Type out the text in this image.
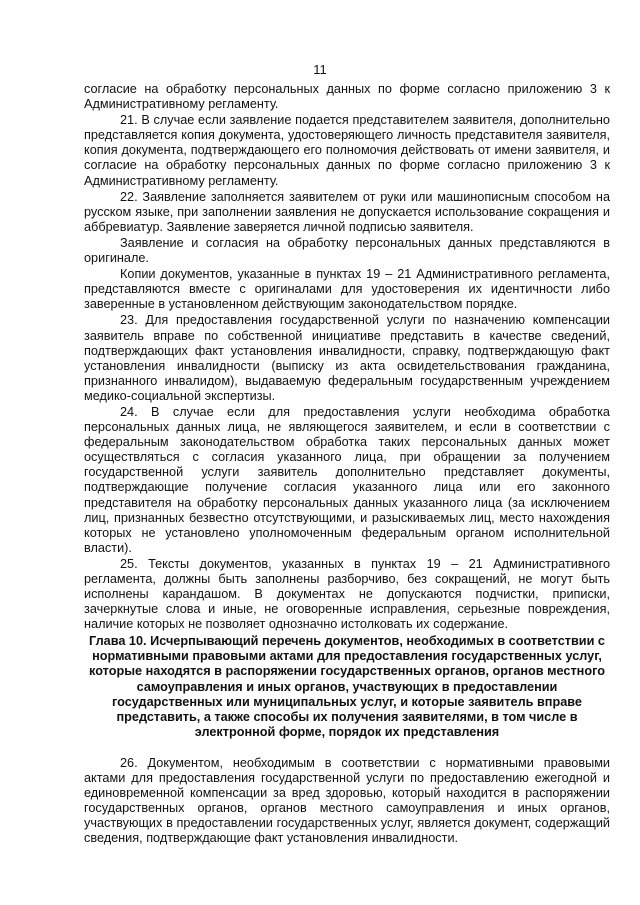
11

согласие на обработку персональных данных по форме согласно приложению 3 к Административному регламенту.

21. В случае если заявление подается представителем заявителя, дополнительно представляется копия документа, удостоверяющего личность представителя заявителя, копия документа, подтверждающего его полномочия действовать от имени заявителя, и согласие на обработку персональных данных по форме согласно приложению 3 к Административному регламенту.

22. Заявление заполняется заявителем от руки или машинописным способом на русском языке, при заполнении заявления не допускается использование сокращения и аббревиатур. Заявление заверяется личной подписью заявителя.

Заявление и согласия на обработку персональных данных представляются в оригинале.

Копии документов, указанные в пунктах 19 – 21 Административного регламента, представляются вместе с оригиналами для удостоверения их идентичности либо заверенные в установленном действующим законодательством порядке.

23. Для предоставления государственной услуги по назначению компенсации заявитель вправе по собственной инициативе представить в качестве сведений, подтверждающих факт установления инвалидности, справку, подтверждающую факт установления инвалидности (выписку из акта освидетельствования гражданина, признанного инвалидом), выдаваемую федеральным государственным учреждением медико-социальной экспертизы.

24. В случае если для предоставления услуги необходима обработка персональных данных лица, не являющегося заявителем, и если в соответствии с федеральным законодательством обработка таких персональных данных может осуществляться с согласия указанного лица, при обращении за получением государственной услуги заявитель дополнительно представляет документы, подтверждающие получение согласия указанного лица или его законного представителя на обработку персональных данных указанного лица (за исключением лиц, признанных безвестно отсутствующими, и разыскиваемых лиц, место нахождения которых не установлено уполномоченным федеральным органом исполнительной власти).

25. Тексты документов, указанных в пунктах 19 – 21 Административного регламента, должны быть заполнены разборчиво, без сокращений, не могут быть исполнены карандашом. В документах не допускаются подчистки, приписки, зачеркнутые слова и иные, не оговоренные исправления, серьезные повреждения, наличие которых не позволяет однозначно истолковать их содержание.

Глава 10. Исчерпывающий перечень документов, необходимых в соответствии с нормативными правовыми актами для предоставления государственных услуг, которые находятся в распоряжении государственных органов, органов местного самоуправления и иных органов, участвующих в предоставлении государственных или муниципальных услуг, и которые заявитель вправе представить, а также способы их получения заявителями, в том числе в электронной форме, порядок их представления

26. Документом, необходимым в соответствии с нормативными правовыми актами для предоставления государственной услуги по предоставлению ежегодной и единовременной компенсации за вред здоровью, который находится в распоряжении государственных органов, органов местного самоуправления и иных органов, участвующих в предоставлении государственных услуг, является документ, содержащий сведения, подтверждающие факт установления инвалидности.
